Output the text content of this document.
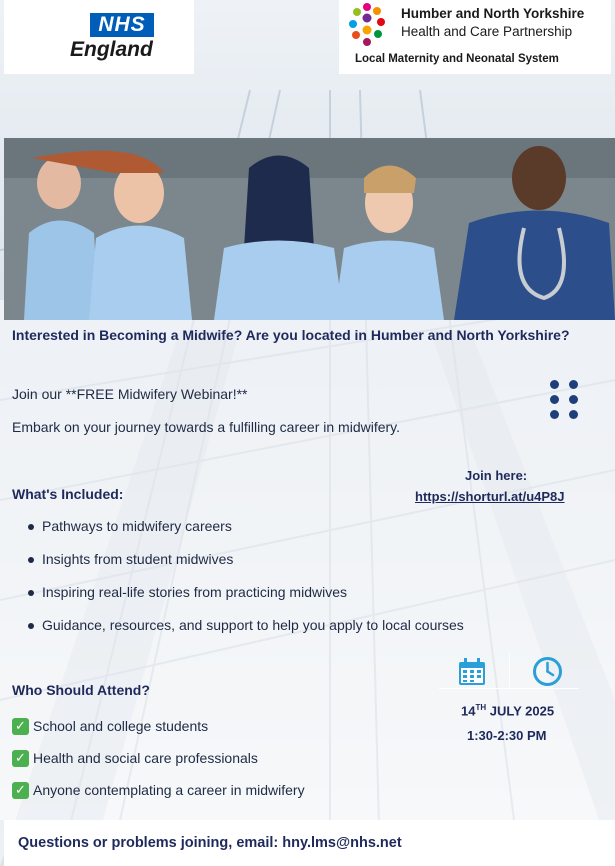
NHS
England
Humber and North Yorkshire
Health and Care Partnership
Local Maternity and Neonatal System
Interested in Becoming a Midwife? Are you located in Humber and North Yorkshire?
Join our **FREE Midwifery Webinar!**
Embark on your journey towards a fulfilling career in midwifery.
Join here:
https://shorturl.at/u4P8J
What's Included:
Pathways to midwifery careers
Insights from student midwives
Inspiring real-life stories from practicing midwives
Guidance, resources, and support to help you apply to local courses
Who Should Attend?
✓ School and college students
✓ Health and social care professionals
✓ Anyone contemplating a career in midwifery
14TH JULY 2025
1:30-2:30 PM
Questions or problems joining, email: hny.lms@nhs.net
